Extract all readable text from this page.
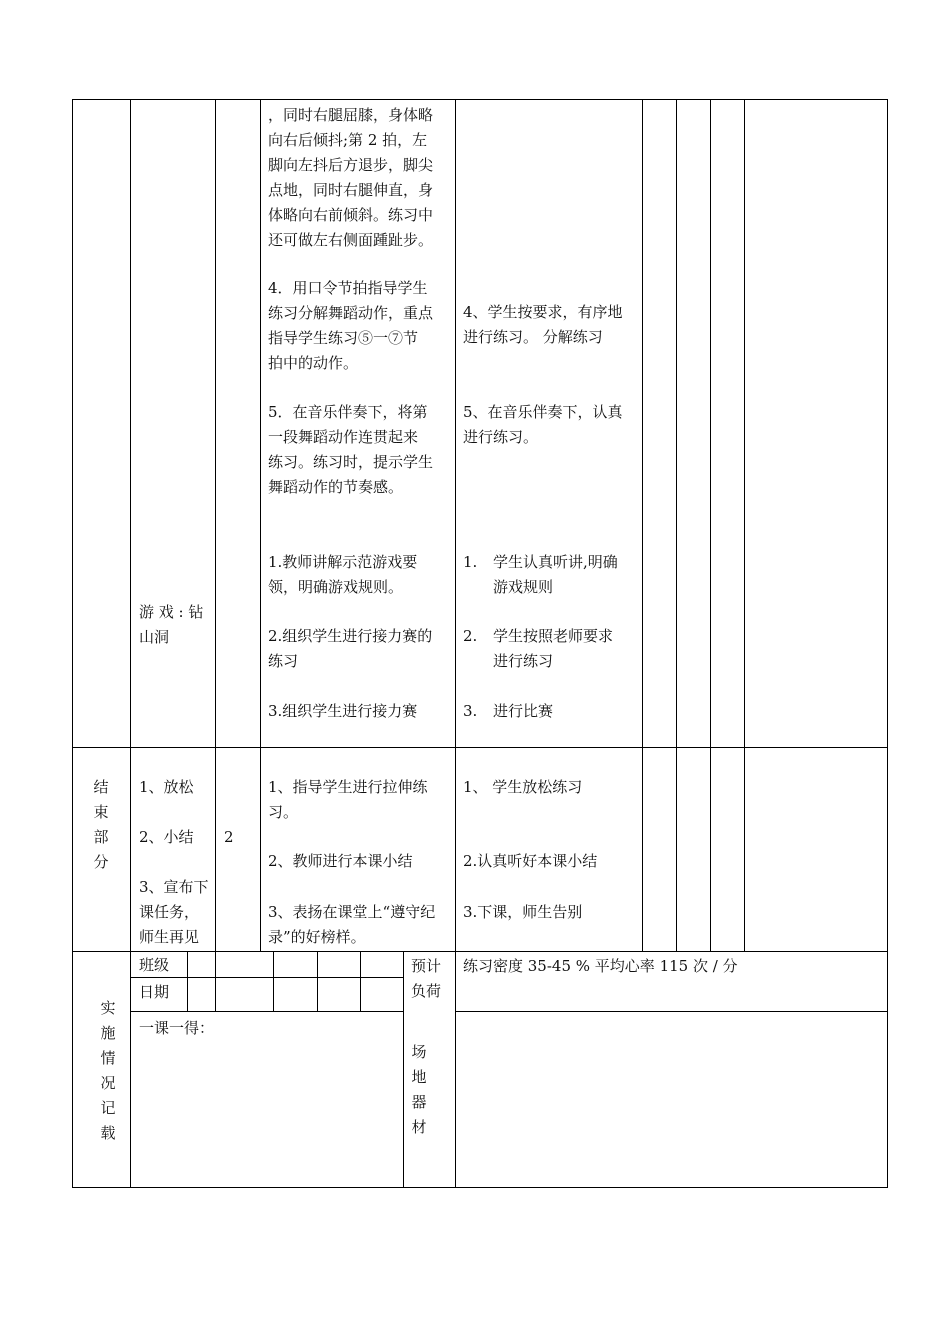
，同时右腿屈膝，身体略
向右后倾抖;第 2 拍，左
脚向左抖后方退步，脚尖
点地，同时右腿伸直，身
体略向右前倾斜。练习中
还可做左右侧面踵趾步。
4．用口令节拍指导学生
练习分解舞蹈动作，重点
指导学生练习⑤一⑦节
拍中的动作。
5．在音乐伴奏下，将第
一段舞蹈动作连贯起来
练习。练习时，提示学生
舞蹈动作的节奏感。
4、学生按要求，有序地
进行练习。 分解练习
5、在音乐伴奏下，认真
进行练习。
游 戏 : 钻
山洞
1.教师讲解示范游戏要
领，明确游戏规则。
2.组织学生进行接力赛的
练习
3.组织学生进行接力赛
1. 学生认真听讲,明确
游戏规则
2. 学生按照老师要求
进行练习
3. 进行比赛
结束部分
1、放松
2、小结
3、宣布下
课任务，
师生再见
2
1、指导学生进行拉伸练
习。
2、教师进行本课小结
3、表扬在课堂上“遵守纪
录”的好榜样。
1、 学生放松练习
2.认真听好本课小结
3.下课，师生告别
实施情况记载
班级
日期
预计
负荷
练习密度 35-45 % 平均心率 115 次 / 分
一课一得：
场地器材
